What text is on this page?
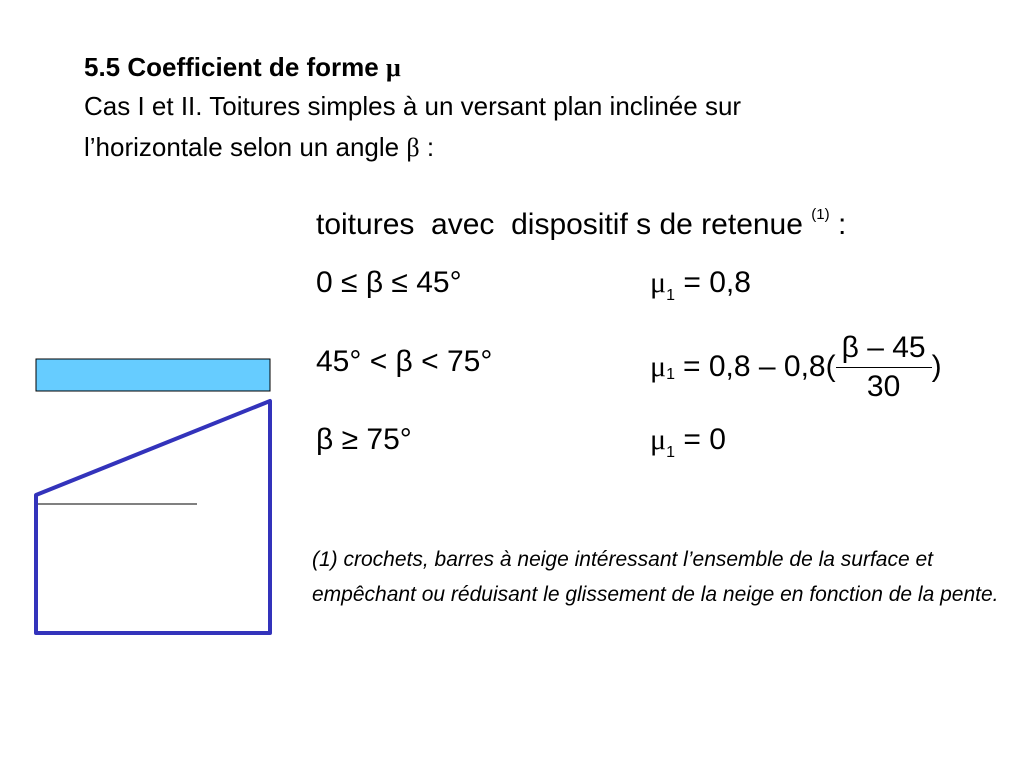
5.5 Coefficient de forme μ
Cas I et II. Toitures simples à un versant plan inclinée sur
l’horizontale selon un angle β :
toitures  avec  dispositif s de retenue $^{(1)}$ :
0 ≤ β ≤ 45°	$\mu_1 = 0,8$
45° < β < 75°	μ $1 = 0,8 - 0,8( \frac{\beta - 45}{30}$ )
β ≥ 75°	$\mu_1 = 0$
(1) crochets, barres à neige intéressant l’ensemble de la surface et empêchant ou réduisant le glissement de la neige en fonction de la pente.
